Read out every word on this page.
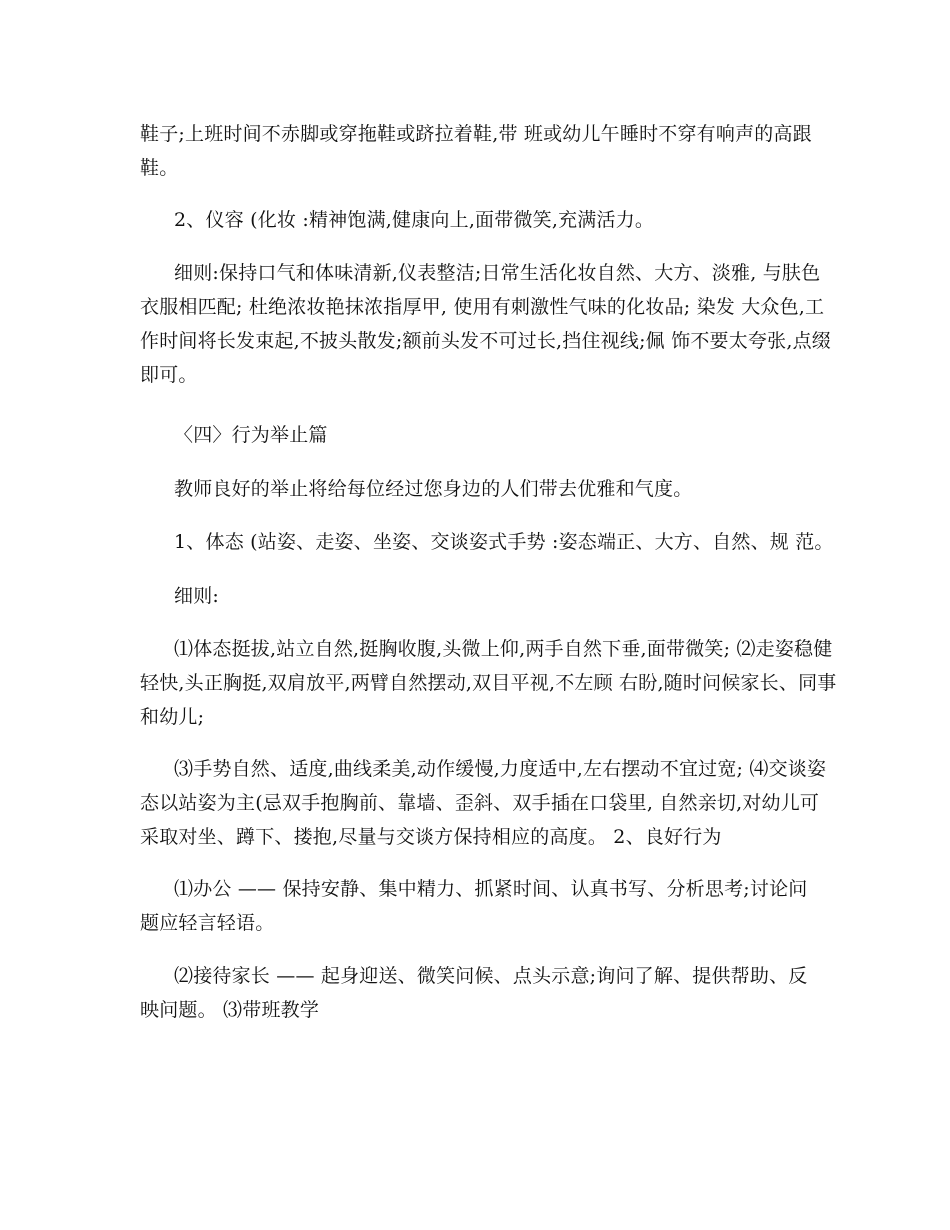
鞋子;上班时间不赤脚或穿拖鞋或跻拉着鞋,带 班或幼儿午睡时不穿有响声的高跟
鞋。

2、仪容 (化妆 :精神饱满,健康向上,面带微笑,充满活力。

细则:保持口气和体味清新,仪表整洁;日常生活化妆自然、大方、淡雅, 与肤色
衣服相匹配; 杜绝浓妆艳抹浓指厚甲, 使用有刺激性气味的化妆品; 染发 大众色,工
作时间将长发束起,不披头散发;额前头发不可过长,挡住视线;佩 饰不要太夸张,点缀
即可。

〈四〉行为举止篇

教师良好的举止将给每位经过您身边的人们带去优雅和气度。

1、体态 (站姿、走姿、坐姿、交谈姿式手势 :姿态端正、大方、自然、规 范。

细则:

⑴体态挺拔,站立自然,挺胸收腹,头微上仰,两手自然下垂,面带微笑; ⑵走姿稳健
轻快,头正胸挺,双肩放平,两臂自然摆动,双目平视,不左顾 右盼,随时问候家长、同事
和幼儿;

⑶手势自然、适度,曲线柔美,动作缓慢,力度适中,左右摆动不宜过宽; ⑷交谈姿
态以站姿为主(忌双手抱胸前、靠墙、歪斜、双手插在口袋里, 自然亲切,对幼儿可
采取对坐、蹲下、搂抱,尽量与交谈方保持相应的高度。 2、良好行为

⑴办公 —— 保持安静、集中精力、抓紧时间、认真书写、分析思考;讨论问
题应轻言轻语。

⑵接待家长 —— 起身迎送、微笑问候、点头示意;询问了解、提供帮助、反
映问题。 ⑶带班教学
